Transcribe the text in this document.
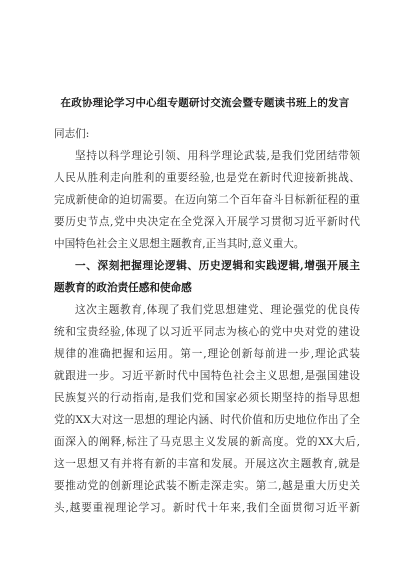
在政协理论学习中心组专题研讨交流会暨专题读书班上的发言
同志们:
坚持以科学理论引领、用科学理论武装,是我们党团结带领
人民从胜利走向胜利的重要经验,也是党在新时代迎接新挑战、
完成新使命的迫切需要。在迈向第二个百年奋斗目标新征程的重
要历史节点,党中央决定在全党深入开展学习贯彻习近平新时代
中国特色社会主义思想主题教育,正当其时,意义重大。
一、深刻把握理论逻辑、历史逻辑和实践逻辑,增强开展主
题教育的政治责任感和使命感
这次主题教育,体现了我们党思想建党、理论强党的优良传
统和宝贵经验,体现了以习近平同志为核心的党中央对党的建设
规律的准确把握和运用。第一,理论创新每前进一步,理论武装
就跟进一步。习近平新时代中国特色社会主义思想,是强国建设
民族复兴的行动指南,是我们党和国家必须长期坚持的指导思想
党的XX大对这一思想的理论内涵、时代价值和历史地位作出了全
面深入的阐释,标注了马克思主义发展的新高度。党的XX大后,
这一思想又有并将有新的丰富和发展。开展这次主题教育,就是
要推动党的创新理论武装不断走深走实。第二,越是重大历史关
头,越要重视理论学习。新时代十年来,我们全面贯彻习近平新
